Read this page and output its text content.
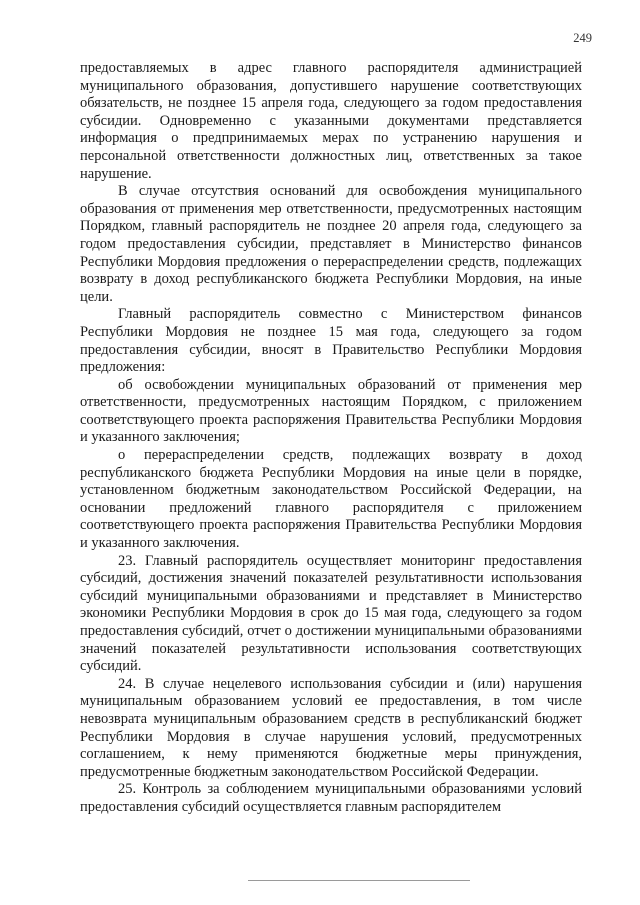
249

предоставляемых в адрес главного распорядителя администрацией муниципального образования, допустившего нарушение соответствующих обязательств, не позднее 15 апреля года, следующего за годом предоставления субсидии. Одновременно с указанными документами представляется информация о предпринимаемых мерах по устранению нарушения и персональной ответственности должностных лиц, ответственных за такое нарушение.

В случае отсутствия оснований для освобождения муниципального образования от применения мер ответственности, предусмотренных настоящим Порядком, главный распорядитель не позднее 20 апреля года, следующего за годом предоставления субсидии, представляет в Министерство финансов Республики Мордовия предложения о перераспределении средств, подлежащих возврату в доход республиканского бюджета Республики Мордовия, на иные цели.

Главный распорядитель совместно с Министерством финансов Республики Мордовия не позднее 15 мая года, следующего за годом предоставления субсидии, вносят в Правительство Республики Мордовия предложения:

об освобождении муниципальных образований от применения мер ответственности, предусмотренных настоящим Порядком, с приложением соответствующего проекта распоряжения Правительства Республики Мордовия и указанного заключения;

о перераспределении средств, подлежащих возврату в доход республиканского бюджета Республики Мордовия на иные цели в порядке, установленном бюджетным законодательством Российской Федерации, на основании предложений главного распорядителя с приложением соответствующего проекта распоряжения Правительства Республики Мордовия и указанного заключения.

23. Главный распорядитель осуществляет мониторинг предоставления субсидий, достижения значений показателей результативности использования субсидий муниципальными образованиями и представляет в Министерство экономики Республики Мордовия в срок до 15 мая года, следующего за годом предоставления субсидий, отчет о достижении муниципальными образованиями значений показателей результативности использования соответствующих субсидий.

24. В случае нецелевого использования субсидии и (или) нарушения муниципальным образованием условий ее предоставления, в том числе невозврата муниципальным образованием средств в республиканский бюджет Республики Мордовия в случае нарушения условий, предусмотренных соглашением, к нему применяются бюджетные меры принуждения, предусмотренные бюджетным законодательством Российской Федерации.

25. Контроль за соблюдением муниципальными образованиями условий предоставления субсидий осуществляется главным распорядителем
